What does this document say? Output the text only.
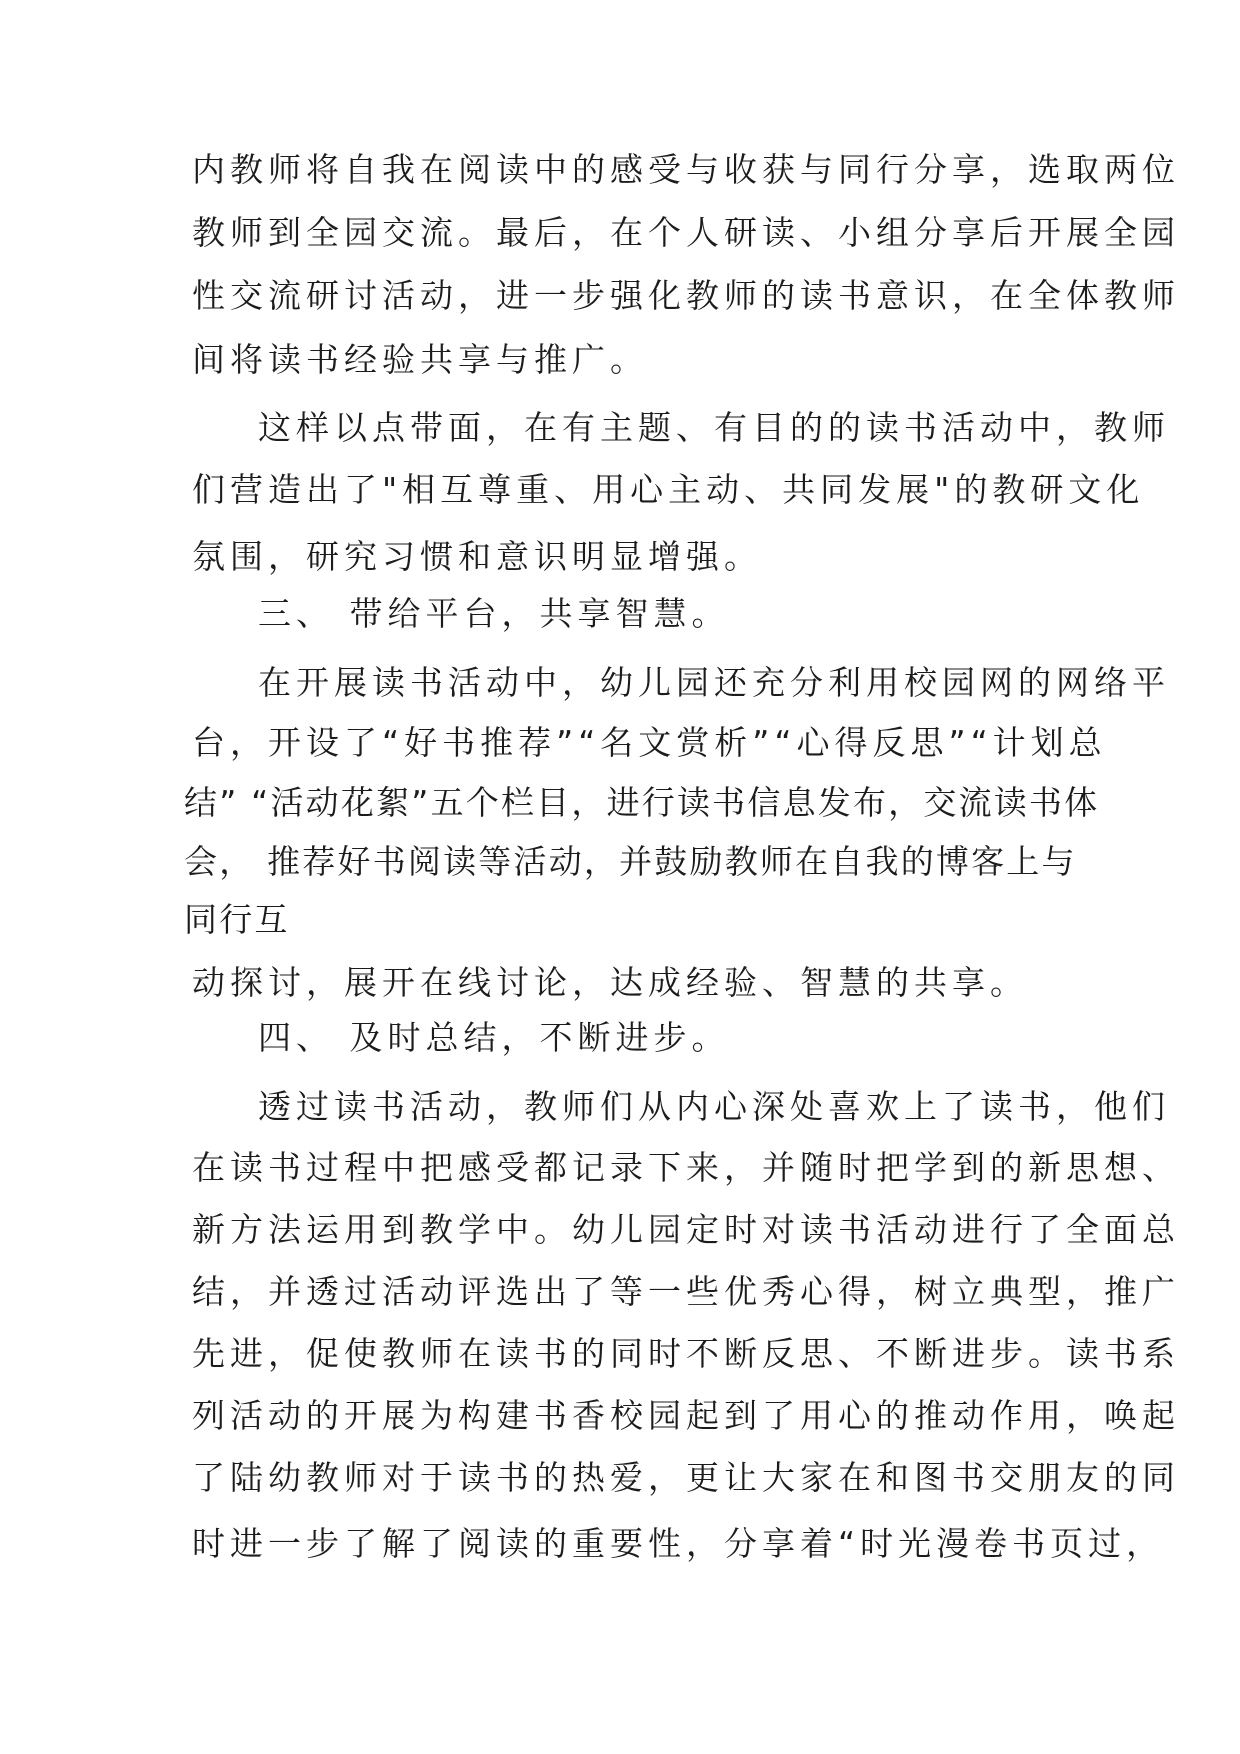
内教师将自我在阅读中的感受与收获与同行分享，选取两位
教师到全园交流。最后，在个人研读、小组分享后开展全园
性交流研讨活动，进一步强化教师的读书意识，在全体教师
间将读书经验共享与推广。
这样以点带面，在有主题、有目的的读书活动中，教师
们营造出了"相互尊重、用心主动、共同发展"的教研文化
氛围，研究习惯和意识明显增强。
三、 带给平台，共享智慧。
在开展读书活动中，幼儿园还充分利用校园网的网络平
台，开设了“好书推荐”“名文赏析”“心得反思”“计划总
结” “活动花絮”五个栏目，进行读书信息发布，交流读书体
会， 推荐好书阅读等活动，并鼓励教师在自我的博客上与
同行互
动探讨，展开在线讨论，达成经验、智慧的共享。
四、 及时总结，不断进步。
透过读书活动，教师们从内心深处喜欢上了读书，他们
在读书过程中把感受都记录下来，并随时把学到的新思想、
新方法运用到教学中。幼儿园定时对读书活动进行了全面总
结，并透过活动评选出了等一些优秀心得，树立典型，推广
先进，促使教师在读书的同时不断反思、不断进步。读书系
列活动的开展为构建书香校园起到了用心的推动作用，唤起
了陆幼教师对于读书的热爱，更让大家在和图书交朋友的同
时进一步了解了阅读的重要性，分享着“时光漫卷书页过，
